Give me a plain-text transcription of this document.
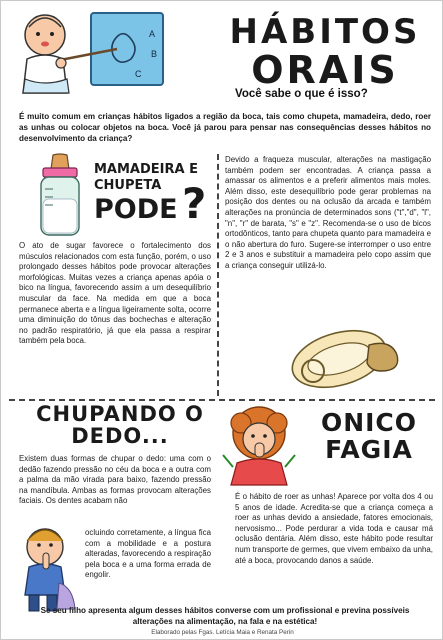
A
B
C
HÁBITOS
ORAIS
Você sabe o que é isso?

É muito comum em crianças hábitos ligados a região da boca, tais como chupeta, mamadeira, dedo, roer as unhas ou colocar objetos na boca. Você já parou para pensar nas consequências desses hábitos no desenvolvimento da criança?

MAMADEIRA E
CHUPETA
PODE ?

O ato de sugar favorece o fortalecimento dos músculos relacionados com esta função, porém, o uso prolongado desses hábitos pode provocar alterações morfológicas. Muitas vezes a criança apenas apóia o bico na língua, favorecendo assim a um desequilíbrio muscular da face. Na medida em que a boca permanece aberta e a língua ligeiramente solta, ocorre uma diminuição do tônus das bochechas e alteração no padrão respiratório, já que ela passa a respirar também pela boca.

Devido a fraqueza muscular, alterações na mastigação também podem ser encontradas. A criança passa a amassar os alimentos e a preferir alimentos mais moles. Além disso, este desequilíbrio pode gerar problemas na posição dos dentes ou na oclusão da arcada e também alterações na pronúncia de determinados sons ("t","d", "l", "n", "r" de barata, "s" e "z". Recomenda-se o uso de bicos ortodônticos, tanto para chupeta quanto para mamadeira e o não abertura do furo. Sugere-se interromper o uso entre 2 e 3 anos e substituir a mamadeira pelo copo assim que a criança conseguir utilizá-lo.

CHUPANDO O
DEDO...

Existem duas formas de chupar o dedo: uma com o dedão fazendo pressão no céu da boca e a outra com a palma da mão virada para baixo, fazendo pressão na mandíbula. Ambas as formas provocam alterações faciais. Os dentes acabam não

ocluindo corretamente, a língua fica com a mobilidade e a postura alteradas, favorecendo a respiração pela boca e a uma forma errada de engolir.

ONICO
FAGIA

É o hábito de roer as unhas! Aparece por volta dos 4 ou 5 anos de idade. Acredita-se que a criança começa a roer as unhas devido a ansiedade, fatores emocionais, nervosismo... Pode perdurar a vida toda e causar má oclusão dentária. Além disso, este hábito pode resultar num transporte de germes, que vivem embaixo da unha, até a boca, provocando danos a saúde.

Se seu filho apresenta algum desses hábitos converse com um profissional e previna possíveis alterações na alimentação, na fala e na estética!

Elaborado pelas Fgas. Letícia Maia e Renata Perin
